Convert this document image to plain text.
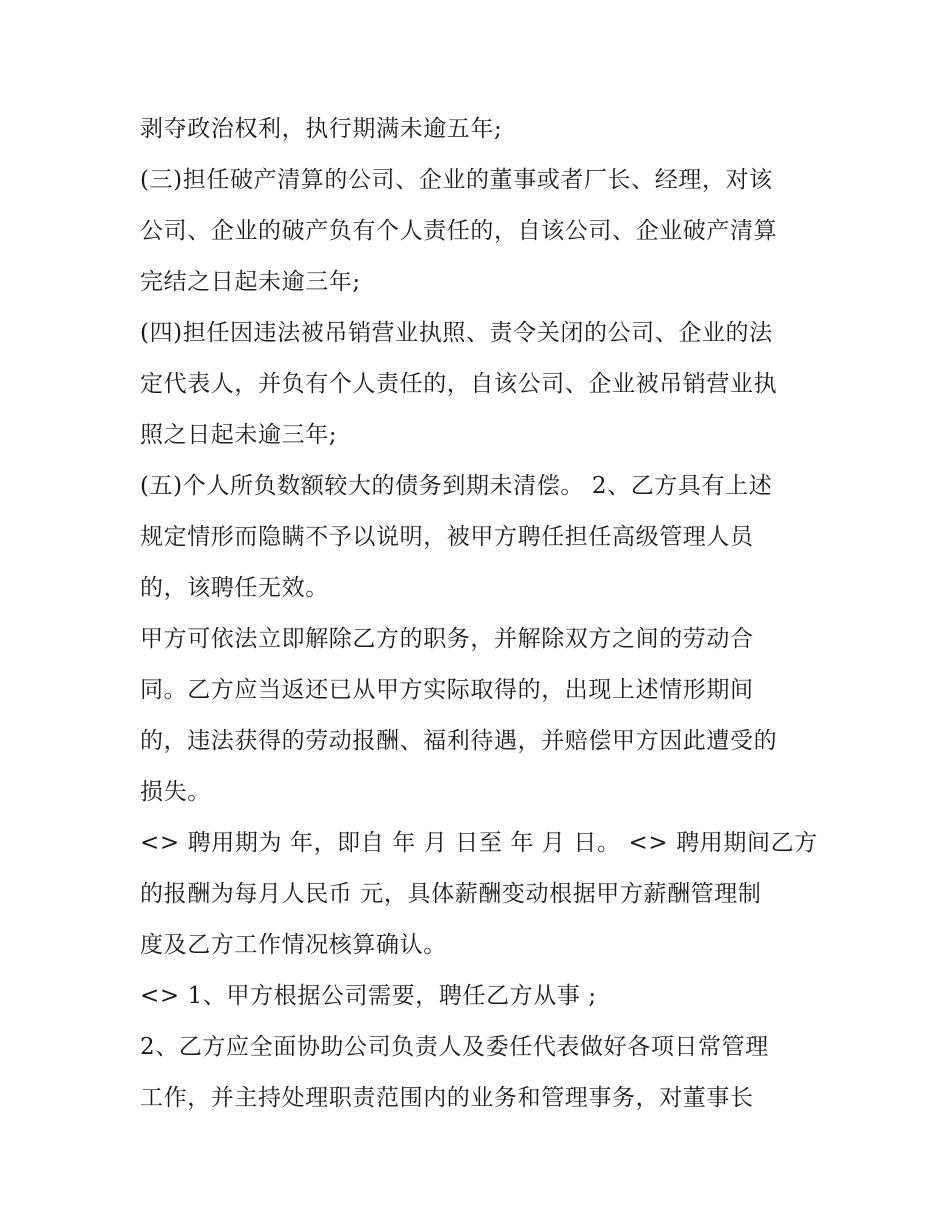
剥夺政治权利，执行期满未逾五年;
(三)担任破产清算的公司、企业的董事或者厂长、经理，对该
公司、企业的破产负有个人责任的，自该公司、企业破产清算
完结之日起未逾三年;
(四)担任因违法被吊销营业执照、责令关闭的公司、企业的法
定代表人，并负有个人责任的，自该公司、企业被吊销营业执
照之日起未逾三年;
(五)个人所负数额较大的债务到期未清偿。 2、乙方具有上述
规定情形而隐瞒不予以说明，被甲方聘任担任高级管理人员
的，该聘任无效。
甲方可依法立即解除乙方的职务，并解除双方之间的劳动合
同。乙方应当返还已从甲方实际取得的，出现上述情形期间
的，违法获得的劳动报酬、福利待遇，并赔偿甲方因此遭受的
损失。
<> 聘用期为 年，即自 年 月 日至 年 月 日。 <> 聘用期间乙方
的报酬为每月人民币 元，具体薪酬变动根据甲方薪酬管理制
度及乙方工作情况核算确认。
<> 1、甲方根据公司需要，聘任乙方从事 ;
2、乙方应全面协助公司负责人及委任代表做好各项日常管理
工作，并主持处理职责范围内的业务和管理事务，对董事长
